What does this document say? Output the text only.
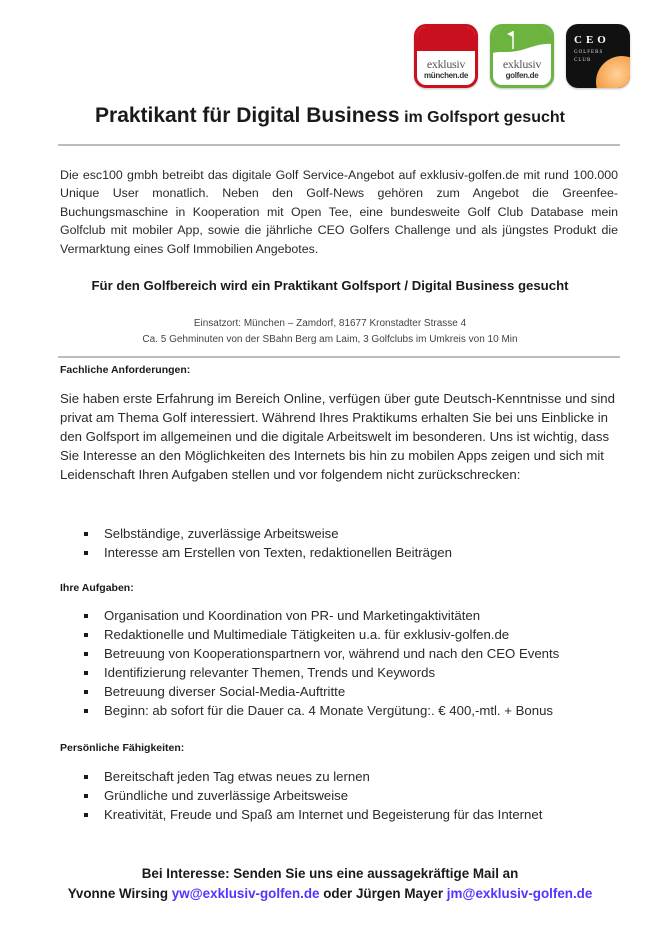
exklusiv
münchen.de
exklusiv
golfen.de
CEO
GOLFERS
CLUB
Praktikant für Digital Business im Golfsport gesucht
Die esc100 gmbh betreibt das digitale Golf Service-Angebot auf exklusiv-golfen.de mit rund 100.000 Unique User monatlich. Neben den Golf-News gehören zum Angebot die Greenfee-Buchungsmaschine in Kooperation mit Open Tee, eine bundesweite Golf Club Database mein Golfclub mit mobiler App, sowie die jährliche CEO Golfers Challenge und als jüngstes Produkt die Vermarktung eines Golf Immobilien Angebotes.
Für den Golfbereich wird ein Praktikant Golfsport / Digital Business gesucht
Einsatzort: München – Zamdorf, 81677 Kronstadter Strasse 4
Ca. 5 Gehminuten von der SBahn Berg am Laim, 3 Golfclubs im Umkreis von 10 Min
Fachliche Anforderungen:
Sie haben erste Erfahrung im Bereich Online, verfügen über gute Deutsch-Kenntnisse und sind privat am Thema Golf interessiert. Während Ihres Praktikums erhalten Sie bei uns Einblicke in den Golfsport im allgemeinen und die digitale Arbeitswelt im besonderen. Uns ist wichtig, dass Sie Interesse an den Möglichkeiten des Internets bis hin zu mobilen Apps zeigen und sich mit Leidenschaft Ihren Aufgaben stellen und vor folgendem nicht zurückschrecken:
Selbständige, zuverlässige Arbeitsweise
Interesse am Erstellen von Texten, redaktionellen Beiträgen
Ihre Aufgaben:
Organisation und Koordination von PR- und Marketingaktivitäten
Redaktionelle und Multimediale Tätigkeiten u.a. für exklusiv-golfen.de
Betreuung von Kooperationspartnern vor, während und nach den CEO Events
Identifizierung relevanter Themen, Trends und Keywords
Betreuung diverser Social-Media-Auftritte
Beginn: ab sofort für die Dauer ca. 4 Monate Vergütung:. € 400,-mtl. + Bonus
Persönliche Fähigkeiten:
Bereitschaft jeden Tag etwas neues zu lernen
Gründliche und zuverlässige Arbeitsweise
Kreativität, Freude und Spaß am Internet und Begeisterung für das Internet
Bei Interesse: Senden Sie uns eine aussagekräftige Mail an
Yvonne Wirsing yw@exklusiv-golfen.de oder Jürgen Mayer jm@exklusiv-golfen.de
